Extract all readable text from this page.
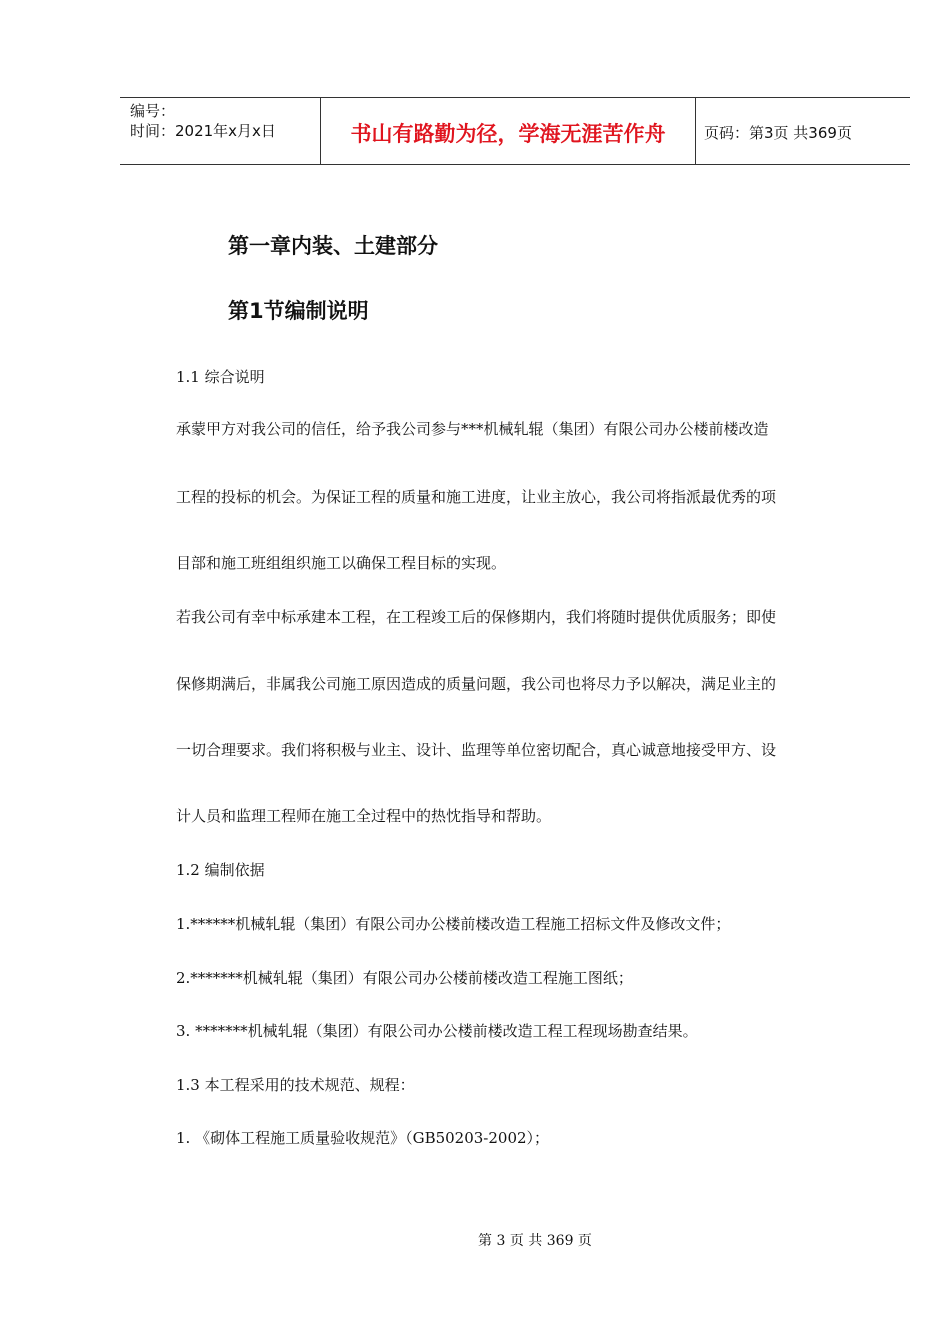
编号：
时间：2021年x月x日	书山有路勤为径，学海无涯苦作舟	页码：第3页 共369页
第一章内装、土建部分
第1节编制说明
1.1 综合说明
承蒙甲方对我公司的信任，给予我公司参与***机械轧辊（集团）有限公司办公楼前楼改造
工程的投标的机会。为保证工程的质量和施工进度，让业主放心，我公司将指派最优秀的项
目部和施工班组组织施工以确保工程目标的实现。
若我公司有幸中标承建本工程，在工程竣工后的保修期内，我们将随时提供优质服务；即使
保修期满后，非属我公司施工原因造成的质量问题，我公司也将尽力予以解决，满足业主的
一切合理要求。我们将积极与业主、设计、监理等单位密切配合，真心诚意地接受甲方、设
计人员和监理工程师在施工全过程中的热忱指导和帮助。
1.2 编制依据
1.******机械轧辊（集团）有限公司办公楼前楼改造工程施工招标文件及修改文件；
2.*******机械轧辊（集团）有限公司办公楼前楼改造工程施工图纸；
3. *******机械轧辊（集团）有限公司办公楼前楼改造工程工程现场勘查结果。
1.3 本工程采用的技术规范、规程：
1. 《砌体工程施工质量验收规范》（GB50203-2002）；
第 3 页 共 369 页
